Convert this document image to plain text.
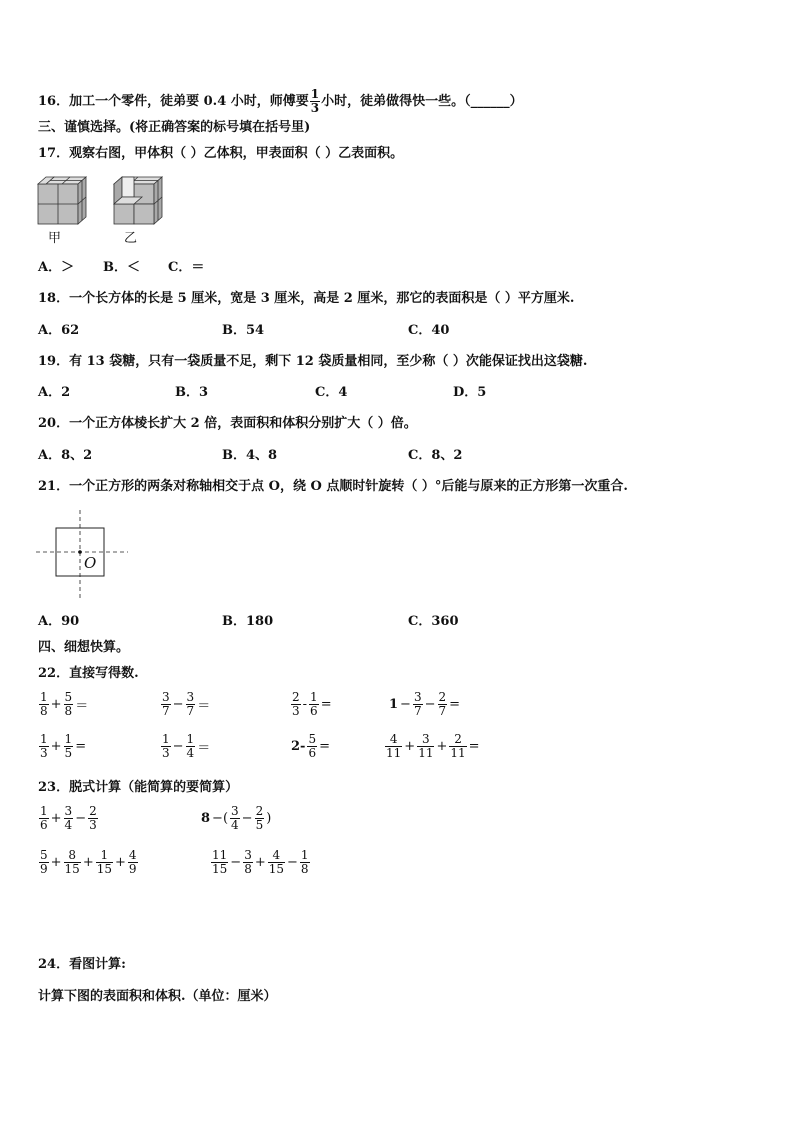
16．加工一个零件，徒弟要 0.4 小时，师傅要 $\frac{1}{3}$ 小时，徒弟做得快一些。（______）
三、谨慎选择。(将正确答案的标号填在括号里)
17．观察右图，甲体积（ ）乙体积，甲表面积（ ）乙表面积。
甲	乙
A．＞ B．＜ C．＝
18．一个长方体的长是 5 厘米，宽是 3 厘米，高是 2 厘米，那它的表面积是（ ）平方厘米.
A．62	B．54	C．40
19．有 13 袋糖，只有一袋质量不足，剩下 12 袋质量相同，至少称（ ）次能保证找出这袋糖.
A．2	B．3	C．4	D．5
20．一个正方体棱长扩大 2 倍，表面积和体积分别扩大（ ）倍。
A．8、2	B．4、8	C．8、2
21．一个正方形的两条对称轴相交于点 O，绕 O 点顺时针旋转（ ）°后能与原来的正方形第一次重合.
O
A．90	B．180	C．360
四、细想快算。
22．直接写得数.
$\frac{1}{8} + \frac{5}{8}$ ＝	$\frac{3}{7} - \frac{3}{7}$ ＝	$\frac{2}{3} - \frac{1}{6}$ =	$1 - \frac{3}{7} - \frac{2}{7}$ =
$\frac{1}{3} + \frac{1}{5}$ =	$\frac{1}{3} - \frac{1}{4}$ ＝	$2- \frac{5}{6}$ =	$\frac{4}{11} + \frac{3}{11} + \frac{2}{11}$ =
23．脱式计算（能简算的要简算）
$\frac{1}{6} + \frac{3}{4} - \frac{2}{3}$	8 −( $\frac{3}{4} - \frac{2}{5}$ )
$\frac{5}{9} + \frac{8}{15} + \frac{1}{15} + \frac{4}{9}$	$\frac{11}{15} - \frac{3}{8} + \frac{4}{15} - \frac{1}{8}$
24．看图计算:
计算下图的表面积和体积.（单位：厘米）
